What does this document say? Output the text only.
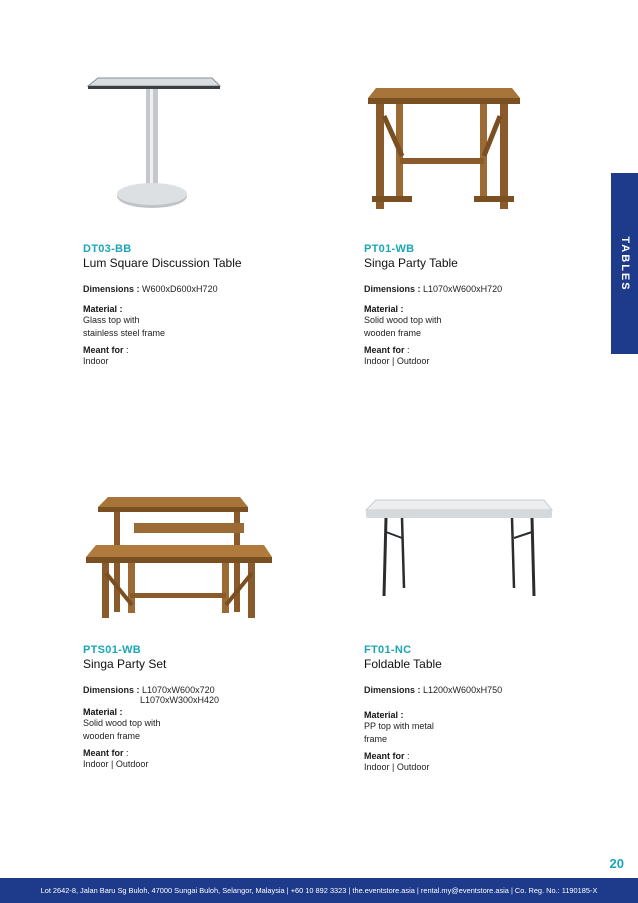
DT03-BB
Lum Square Discussion Table
Dimensions : W600xD600xH720
Material :
Glass top with
stainless steel frame
Meant for :
Indoor
PT01-WB
Singa Party Table
Dimensions : L1070xW600xH720
Material :
Solid wood top with
wooden frame
Meant for :
Indoor | Outdoor
PTS01-WB
Singa Party Set
Dimensions : L1070xW600x720
L1070xW300xH420
Material :
Solid wood top with
wooden frame
Meant for :
Indoor | Outdoor
FT01-NC
Foldable Table
Dimensions : L1200xW600xH750
Material :
PP top with metal
frame
Meant for :
Indoor | Outdoor
TABLES
20
Lot 2642-8, Jalan Baru Sg Buloh, 47000 Sungai Buloh, Selangor, Malaysia | +60 10 892 3323 | the.eventstore.asia | rental.my@eventstore.asia | Co. Reg. No.: 1190185-X
